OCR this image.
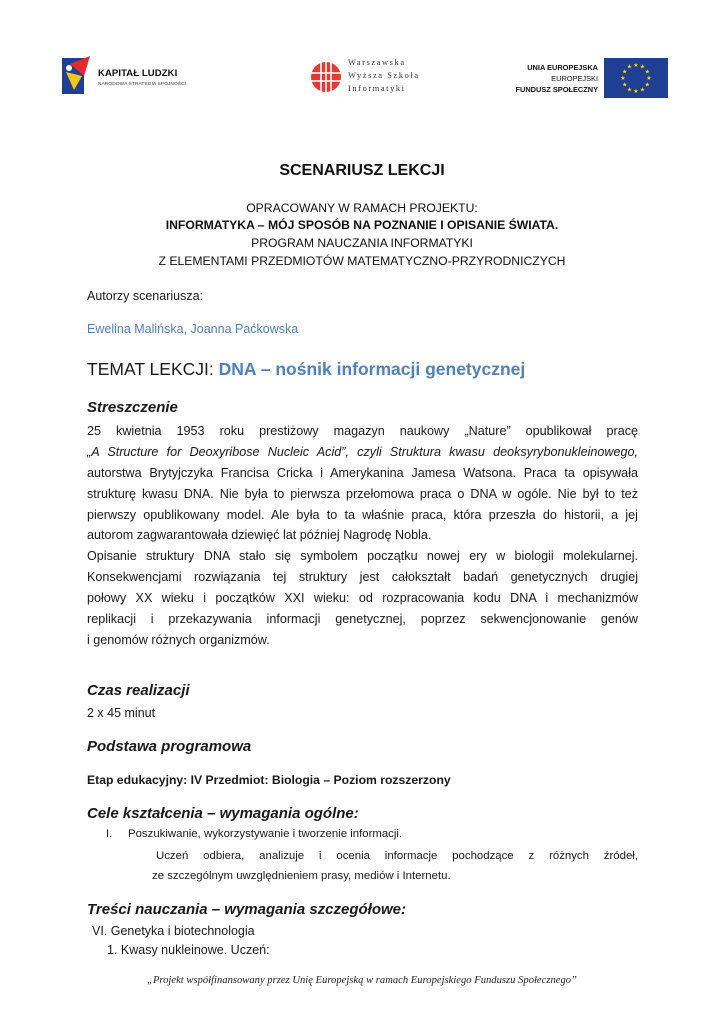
KAPITAŁ LUDZKI
NARODOWA STRATEGIA SPÓJNOŚCI
Warszawska
Wyższa Szkoła
Informatyki
UNIA EUROPEJSKA
EUROPEJSKI
FUNDUSZ SPOŁECZNY
★
★
★
★
★
★
★
★
★ ★ ★
★
SCENARIUSZ LEKCJI
OPRACOWANY W RAMACH PROJEKTU:
INFORMATYKA – MÓJ SPOSÓB NA POZNANIE I OPISANIE ŚWIATA.
PROGRAM NAUCZANIA INFORMATYKI
Z ELEMENTAMI PRZEDMIOTÓW MATEMATYCZNO-PRZYRODNICZYCH
Autorzy scenariusza:
Ewelina Malińska, Joanna Paćkowska
TEMAT LEKCJI: DNA – nośnik informacji genetycznej
Streszczenie
25 kwietnia 1953 roku prestiżowy magazyn naukowy „Nature” opublikował pracę
„A Structure for Deoxyribose Nucleic Acid”, czyli Struktura kwasu deoksyrybonukleinowego,
autorstwa Brytyjczyka Francisa Cricka i Amerykanina Jamesa Watsona. Praca ta opisywała
strukturę kwasu DNA. Nie była to pierwsza przełomowa praca o DNA w ogóle. Nie był to też
pierwszy opublikowany model. Ale była to ta właśnie praca, która przeszła do historii, a jej
autorom zagwarantowała dziewięć lat później Nagrodę Nobla.
Opisanie struktury DNA stało się symbolem początku nowej ery w biologii molekularnej.
Konsekwencjami rozwiązania tej struktury jest całokształt badań genetycznych drugiej
połowy XX wieku i początków XXI wieku: od rozpracowania kodu DNA i mechanizmów
replikacji i przekazywania informacji genetycznej, poprzez sekwencjonowanie genów
i genomów różnych organizmów.
Czas realizacji
2 x 45 minut
Podstawa programowa
Etap edukacyjny: IV Przedmiot: Biologia – Poziom rozszerzony
Cele kształcenia – wymagania ogólne:
I. Poszukiwanie, wykorzystywanie i tworzenie informacji.
Uczeń odbiera, analizuje i ocenia informacje pochodzące z różnych źródeł,
ze szczególnym uwzględnieniem prasy, mediów i Internetu.
Treści nauczania – wymagania szczegółowe:
VI. Genetyka i biotechnologia
1. Kwasy nukleinowe. Uczeń:
„Projekt współfinansowany przez Unię Europejską w ramach Europejskiego Funduszu Społecznego”
